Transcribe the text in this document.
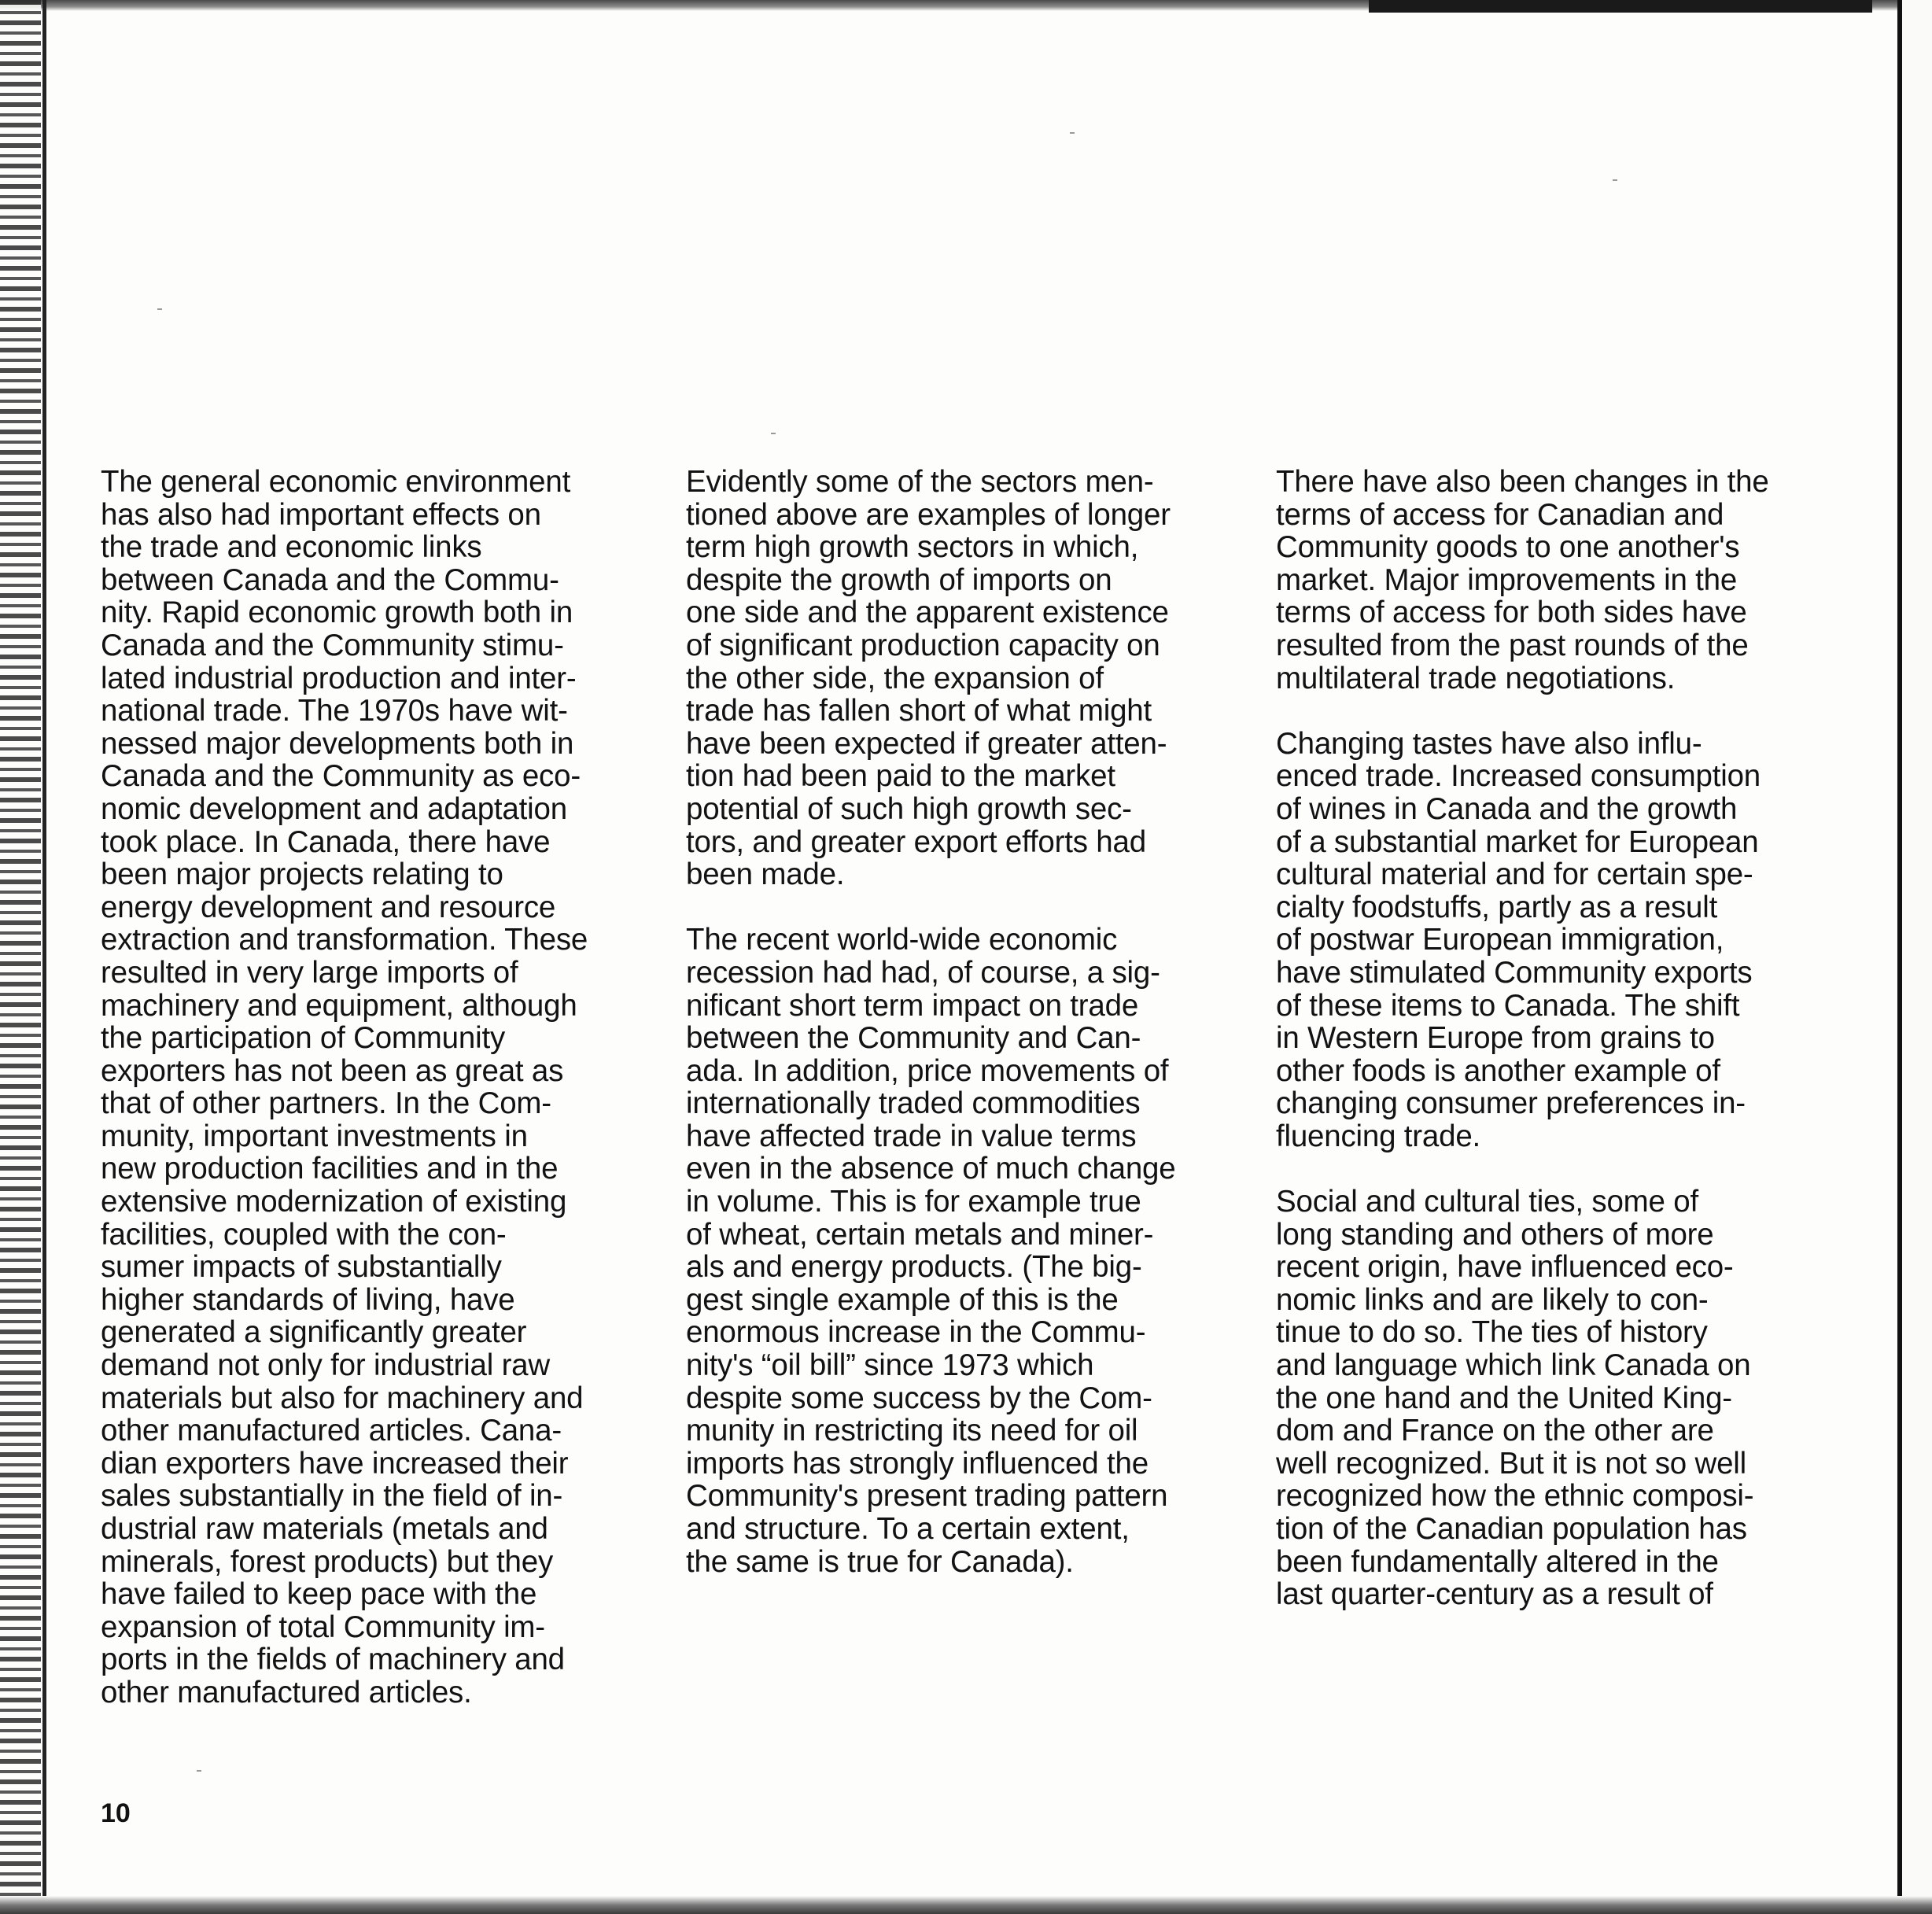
The general economic environment
has also had important effects on
the trade and economic links
between Canada and the Commu-
nity. Rapid economic growth both in
Canada and the Community stimu-
lated industrial production and inter-
national trade. The 1970s have wit-
nessed major developments both in
Canada and the Community as eco-
nomic development and adaptation
took place. In Canada, there have
been major projects relating to
energy development and resource
extraction and transformation. These
resulted in very large imports of
machinery and equipment, although
the participation of Community
exporters has not been as great as
that of other partners. In the Com-
munity, important investments in
new production facilities and in the
extensive modernization of existing
facilities, coupled with the con-
sumer impacts of substantially
higher standards of living, have
generated a significantly greater
demand not only for industrial raw
materials but also for machinery and
other manufactured articles. Cana-
dian exporters have increased their
sales substantially in the field of in-
dustrial raw materials (metals and
minerals, forest products) but they
have failed to keep pace with the
expansion of total Community im-
ports in the fields of machinery and
other manufactured articles.

Evidently some of the sectors men-
tioned above are examples of longer
term high growth sectors in which,
despite the growth of imports on
one side and the apparent existence
of significant production capacity on
the other side, the expansion of
trade has fallen short of what might
have been expected if greater atten-
tion had been paid to the market
potential of such high growth sec-
tors, and greater export efforts had
been made.

The recent world-wide economic
recession had had, of course, a sig-
nificant short term impact on trade
between the Community and Can-
ada. In addition, price movements of
internationally traded commodities
have affected trade in value terms
even in the absence of much change
in volume. This is for example true
of wheat, certain metals and miner-
als and energy products. (The big-
gest single example of this is the
enormous increase in the Commu-
nity's “oil bill” since 1973 which
despite some success by the Com-
munity in restricting its need for oil
imports has strongly influenced the
Community's present trading pattern
and structure. To a certain extent,
the same is true for Canada).

There have also been changes in the
terms of access for Canadian and
Community goods to one another's
market. Major improvements in the
terms of access for both sides have
resulted from the past rounds of the
multilateral trade negotiations.

Changing tastes have also influ-
enced trade. Increased consumption
of wines in Canada and the growth
of a substantial market for European
cultural material and for certain spe-
cialty foodstuffs, partly as a result
of postwar European immigration,
have stimulated Community exports
of these items to Canada. The shift
in Western Europe from grains to
other foods is another example of
changing consumer preferences in-
fluencing trade.

Social and cultural ties, some of
long standing and others of more
recent origin, have influenced eco-
nomic links and are likely to con-
tinue to do so. The ties of history
and language which link Canada on
the one hand and the United King-
dom and France on the other are
well recognized. But it is not so well
recognized how the ethnic composi-
tion of the Canadian population has
been fundamentally altered in the
last quarter-century as a result of

10
